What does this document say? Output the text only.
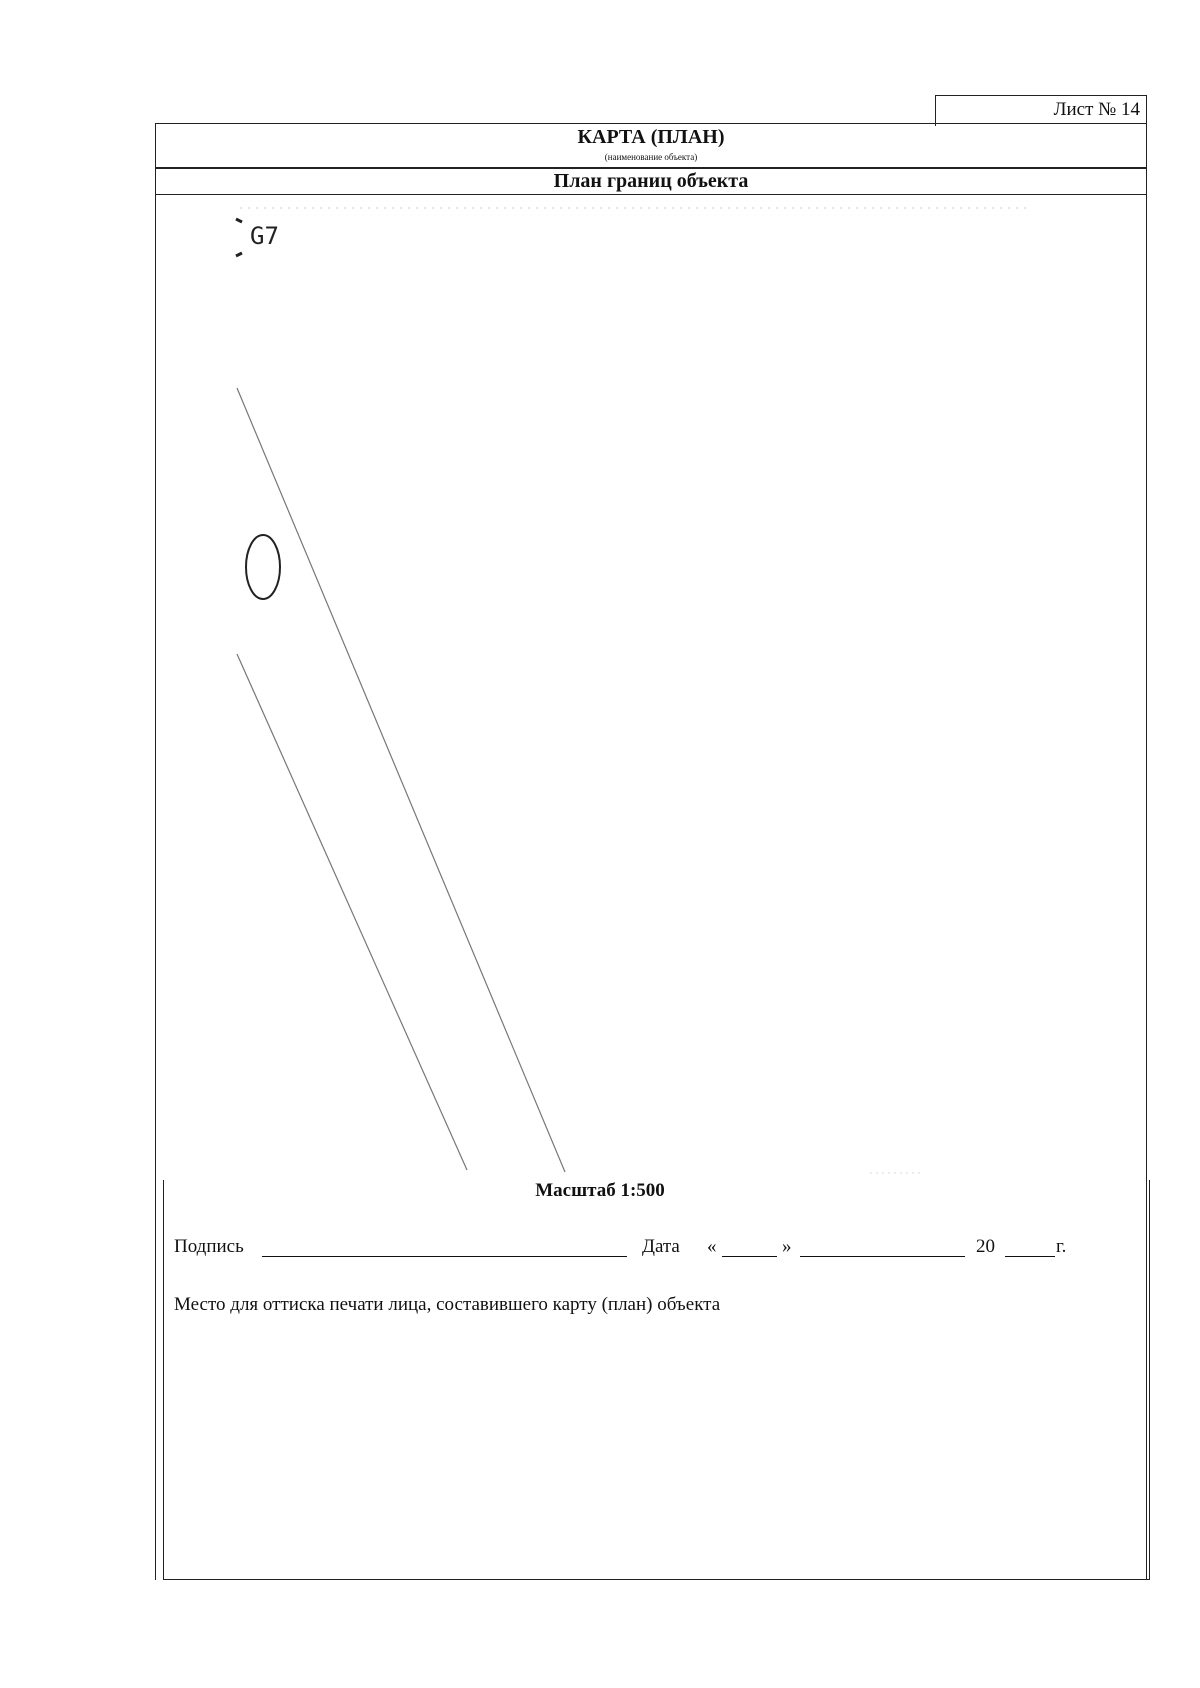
Лист № 14
КАРТА (ПЛАН)
(наименование объекта)
План границ объекта
G7
Масштаб 1:500
Подпись	Дата «	»	20	г.
Место для оттиска печати лица, составившего карту (план) объекта
